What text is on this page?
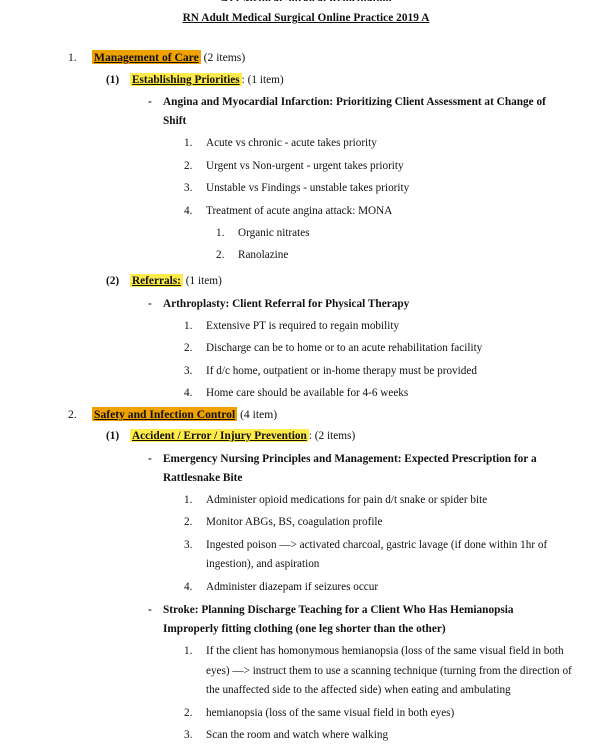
RN Adult Medical Surgical Online Practice 2019 A
1.	Management of Care (2 items)
(1)	Establishing Priorities : (1 item)
- Angina and Myocardial Infarction: Prioritizing Client Assessment at Change of Shift
1.	Acute vs chronic - acute takes priority
2.	Urgent vs Non-urgent - urgent takes priority
3.	Unstable vs Findings - unstable takes priority
4.	Treatment of acute angina attack: MONA
1.	Organic nitrates
2.	Ranolazine
(2)	Referrals: (1 item)
- Arthroplasty: Client Referral for Physical Therapy
1.	Extensive PT is required to regain mobility
2.	Discharge can be to home or to an acute rehabilitation facility
3.	If d/c home, outpatient or in-home therapy must be provided
4.	Home care should be available for 4-6 weeks
2.	Safety and Infection Control (4 item)
(1)	Accident / Error / Injury Prevention : (2 items)
- Emergency Nursing Principles and Management: Expected Prescription for a Rattlesnake Bite
1.	Administer opioid medications for pain d/t snake or spider bite
2.	Monitor ABGs, BS, coagulation profile
3.	Ingested poison —> activated charcoal, gastric lavage (if done within 1hr of ingestion), and aspiration
4.	Administer diazepam if seizures occur
- Stroke: Planning Discharge Teaching for a Client Who Has Hemianopsia Improperly fitting clothing (one leg shorter than the other)
1.	If the client has homonymous hemianopsia (loss of the same visual field in both eyes) —> instruct them to use a scanning technique (turning from the direction of the unaffected side to the affected side) when eating and ambulating
2.	hemianopsia (loss of the same visual field in both eyes)
3.	Scan the room and watch where walking
